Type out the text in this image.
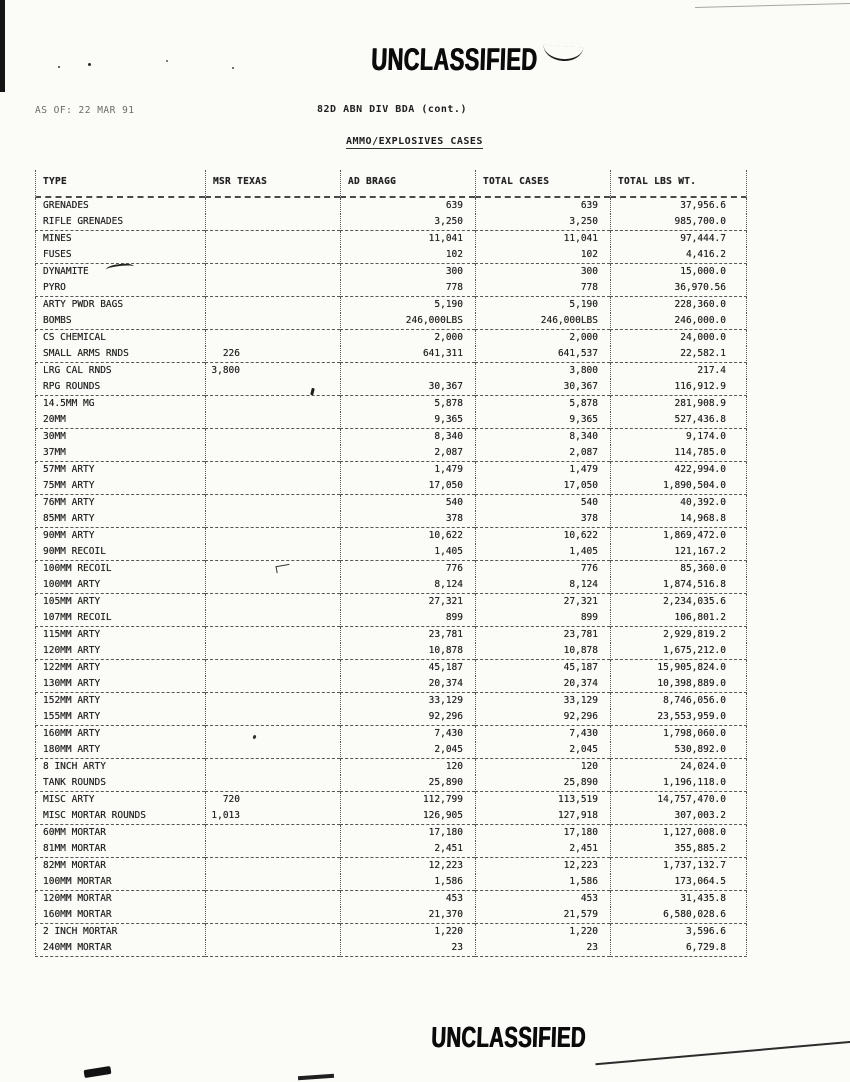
UNCLASSIFIED
UNCLASSIFIED
AS OF: 22 MAR 91	82D ABN DIV BDA (cont.)
AMMO/EXPLOSIVES CASES
TYPE	MSR TEXAS	AD BRAGG	TOTAL CASES	TOTAL LBS WT.
GRENADES		639	639	37,956.6
RIFLE GRENADES		3,250	3,250	985,700.0
MINES		11,041	11,041	97,444.7
FUSES		102	102	4,416.2
DYNAMITE		300	300	15,000.0
PYRO		778	778	36,970.56
ARTY PWDR BAGS		5,190	5,190	228,360.0
BOMBS		246,000LBS	246,000LBS	246,000.0
CS CHEMICAL		2,000	2,000	24,000.0
SMALL ARMS RNDS	226	641,311	641,537	22,582.1
LRG CAL RNDS	3,800		3,800	217.4
RPG ROUNDS		30,367	30,367	116,912.9
14.5MM MG		5,878	5,878	281,908.9
20MM		9,365	9,365	527,436.8
30MM		8,340	8,340	9,174.0
37MM		2,087	2,087	114,785.0
57MM ARTY		1,479	1,479	422,994.0
75MM ARTY		17,050	17,050	1,890,504.0
76MM ARTY		540	540	40,392.0
85MM ARTY		378	378	14,968.8
90MM ARTY		10,622	10,622	1,869,472.0
90MM RECOIL		1,405	1,405	121,167.2
100MM RECOIL		776	776	85,360.0
100MM ARTY		8,124	8,124	1,874,516.8
105MM ARTY		27,321	27,321	2,234,035.6
107MM RECOIL		899	899	106,801.2
115MM ARTY		23,781	23,781	2,929,819.2
120MM ARTY		10,878	10,878	1,675,212.0
122MM ARTY		45,187	45,187	15,905,824.0
130MM ARTY		20,374	20,374	10,398,889.0
152MM ARTY		33,129	33,129	8,746,056.0
155MM ARTY		92,296	92,296	23,553,959.0
160MM ARTY		7,430	7,430	1,798,060.0
180MM ARTY		2,045	2,045	530,892.0
8 INCH ARTY		120	120	24,024.0
TANK ROUNDS		25,890	25,890	1,196,118.0
MISC ARTY	720	112,799	113,519	14,757,470.0
MISC MORTAR ROUNDS	1,013	126,905	127,918	307,003.2
60MM MORTAR		17,180	17,180	1,127,008.0
81MM MORTAR		2,451	2,451	355,885.2
82MM MORTAR		12,223	12,223	1,737,132.7
100MM MORTAR		1,586	1,586	173,064.5
120MM MORTAR		453	453	31,435.8
160MM MORTAR		21,370	21,579	6,580,028.6
2 INCH MORTAR		1,220	1,220	3,596.6
240MM MORTAR		23	23	6,729.8
